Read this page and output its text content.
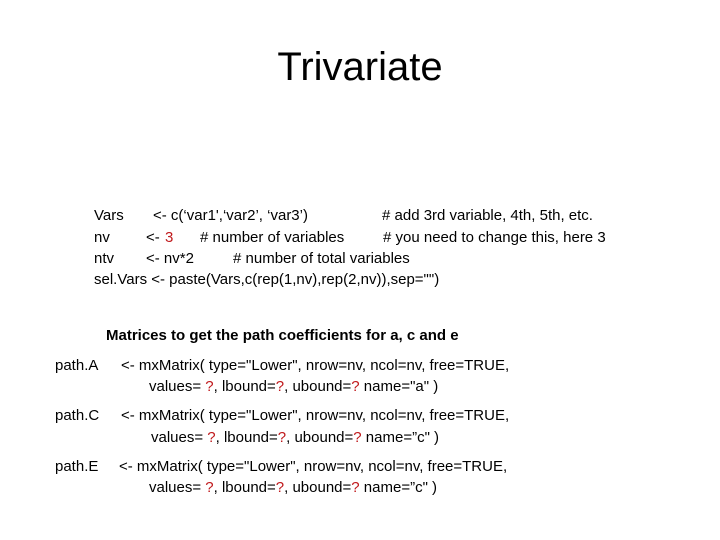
Trivariate
Vars <- c(‘var1',‘var2’, ‘var3’)	# add 3rd variable, 4th, 5th, etc.
nv <- 3 # number of variables	# you need to change this, here 3
ntv <- nv*2	# number of total variables
sel.Vars <- paste(Vars,c(rep(1,nv),rep(2,nv)),sep="")
Matrices to get the path coefficients for a, c and e
path.A <- mxMatrix( type="Lower", nrow=nv, ncol=nv, free=TRUE,
values= ?, lbound=?, ubound=? name="a" )
path.C <- mxMatrix( type="Lower", nrow=nv, ncol=nv, free=TRUE,
values= ?, lbound=?, ubound=? name=”c" )
path.E <- mxMatrix( type="Lower", nrow=nv, ncol=nv, free=TRUE,
values= ?, lbound=?, ubound=? name=”c" )
